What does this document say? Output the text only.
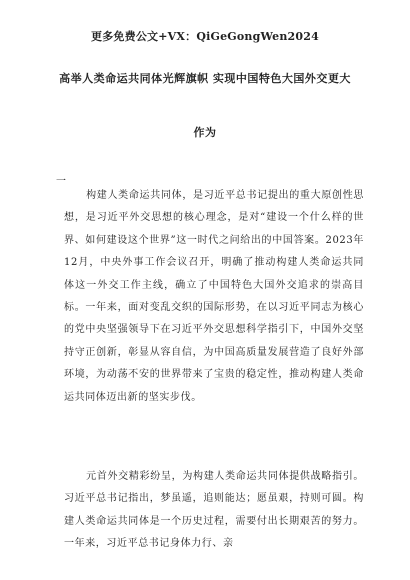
更多免费公文+VX：QiGeGongWen2024
高举人类命运共同体光辉旗帜 实现中国特色大国外交更大
作为
一
构建人类命运共同体，是习近平总书记提出的重大原创性思想，是习近平外交思想的核心理念，是对“建设一个什么样的世界、如何建设这个世界”这一时代之问给出的中国答案。2023年12月，中央外事工作会议召开，明确了推动构建人类命运共同体这一外交工作主线，确立了中国特色大国外交追求的崇高目标。一年来，面对变乱交织的国际形势，在以习近平同志为核心的党中央坚强领导下在习近平外交思想科学指引下，中国外交坚持守正创新，彰显从容自信，为中国高质量发展营造了良好外部环境，为动荡不安的世界带来了宝贵的稳定性，推动构建人类命运共同体迈出新的坚实步伐。
元首外交精彩纷呈，为构建人类命运共同体提供战略指引。习近平总书记指出，梦虽遥，追则能达；愿虽艰，持则可圆。构建人类命运共同体是一个历史过程，需要付出长期艰苦的努力。一年来，习近平总书记身体力行、亲
